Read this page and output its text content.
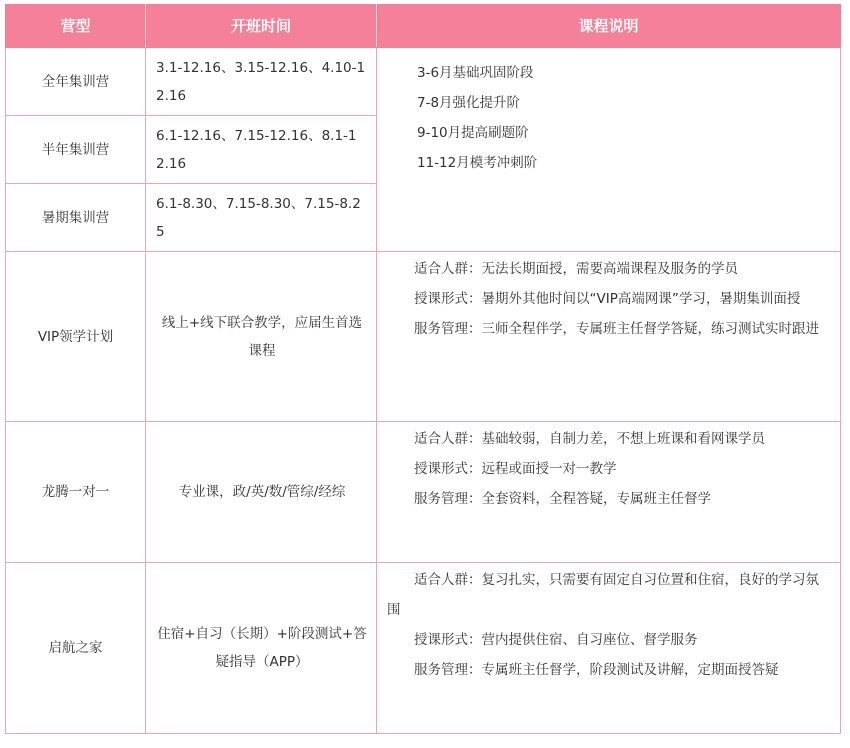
营型	开班时间	课程说明
全年集训营	3.1-12.16、3.15-12.16、4.10-12.16	3-6月基础巩固阶段
7-8月强化提升阶
9-10月提高刷题阶
11-12月模考冲刺阶

半年集训营	6.1-12.16、7.15-12.16、8.1-12.16	
暑期集训营	6.1-8.30、7.15-8.30、7.15-8.25	
VIP领学计划	线上+线下联合教学，应届生首选课程	适合人群：无法长期面授，需要高端课程及服务的学员
授课形式：暑期外其他时间以“VIP高端网课”学习，暑期集训面授
服务管理：三师全程伴学，专属班主任督学答疑，练习测试实时跟进

龙腾一对一	专业课，政/英/数/管综/经综	适合人群：基础较弱，自制力差，不想上班课和看网课学员
授课形式：远程或面授一对一教学
服务管理：全套资料，全程答疑，专属班主任督学

启航之家	住宿+自习（长期）+阶段测试+答疑指导（APP）	适合人群：复习扎实，只需要有固定自习位置和住宿，良好的学习氛围
授课形式：营内提供住宿、自习座位、督学服务
服务管理：专属班主任督学，阶段测试及讲解，定期面授答疑
